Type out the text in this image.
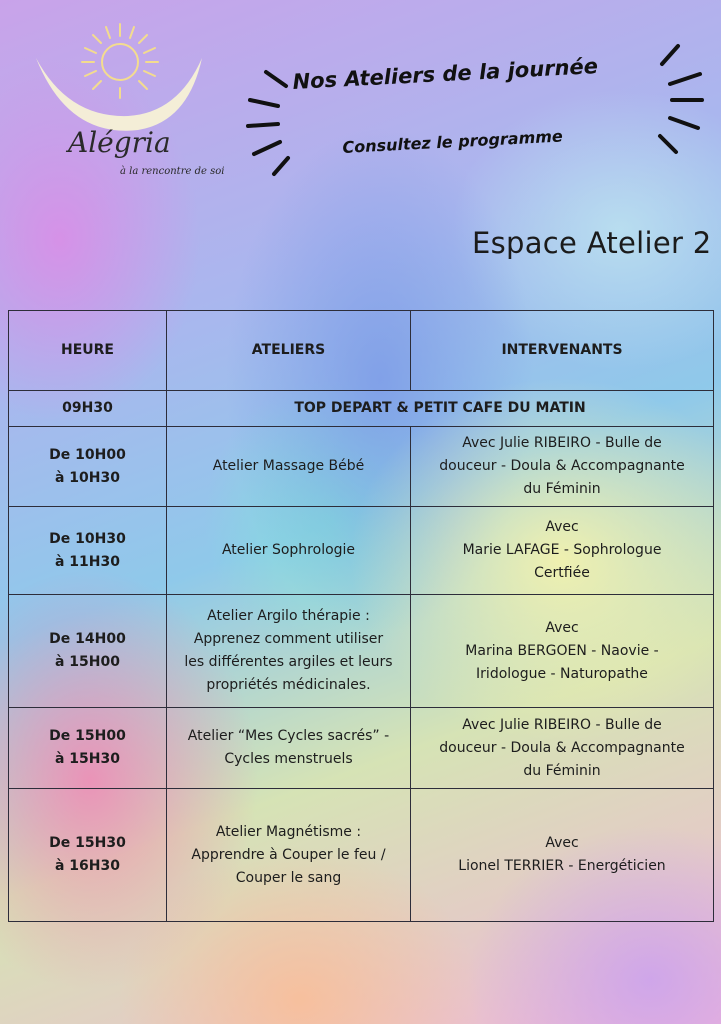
Alégria

à la rencontre de soi

Nos Ateliers de la journée
Consultez le programme
Espace Atelier 2
HEURE	ATELIERS	INTERVENANTS
09H30	TOP DEPART & PETIT CAFE DU MATIN	

De 10H00
à 10H30	Atelier Massage Bébé	Avec Julie RIBEIRO - Bulle de
douceur - Doula & Accompagnante
du Féminin

De 10H30
à 11H30	Atelier Sophrologie	Avec
Marie LAFAGE - Sophrologue
Certfiée

De 14H00
à 15H00	Atelier Argilo thérapie :
Apprenez comment utiliser
les différentes argiles et leurs
propriétés médicinales.	Avec
Marina BERGOEN - Naovie -
Iridologue - Naturopathe

De 15H00
à 15H30	Atelier “Mes Cycles sacrés” -
Cycles menstruels	Avec Julie RIBEIRO - Bulle de
douceur - Doula & Accompagnante
du Féminin

De 15H30
à 16H30	Atelier Magnétisme :
Apprendre à Couper le feu /
Couper le sang	Avec
Lionel TERRIER - Energéticien
